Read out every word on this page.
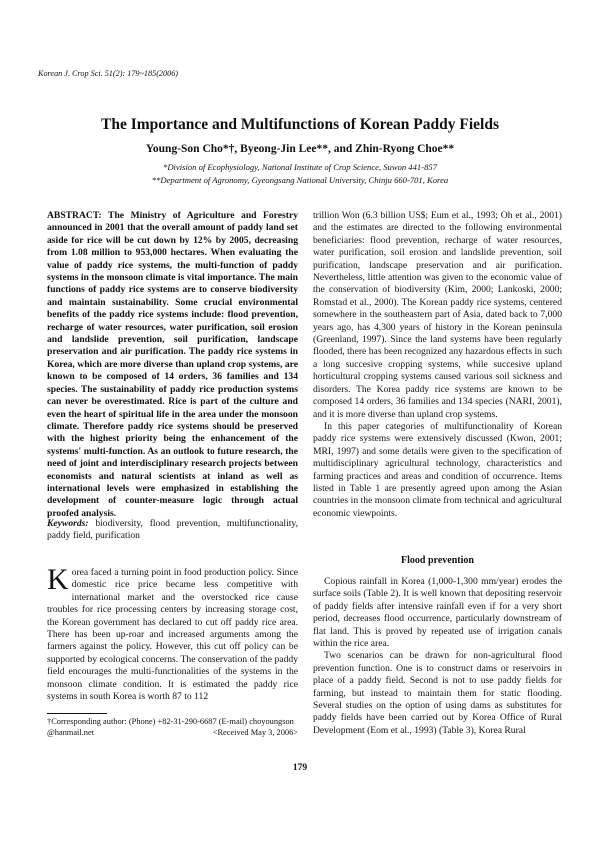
Korean J. Crop Sci. 51(2): 179~185(2006)
The Importance and Multifunctions of Korean Paddy Fields
Young-Son Cho*†, Byeong-Jin Lee**, and Zhin-Ryong Choe**
*Division of Ecophysiology, National Institute of Crop Science, Suwon 441-857
**Department of Agronomy, Gyeongsang National University, Chinju 660-701, Korea

ABSTRACT: The Ministry of Agriculture and Forestry announced in 2001 that the overall amount of paddy land set aside for rice will be cut down by 12% by 2005, decreasing from 1.08 million to 953,000 hectares. When evaluating the value of paddy rice systems, the multi-function of paddy systems in the monsoon climate is vital importance. The main functions of paddy rice systems are to conserve biodiversity and maintain sustainability. Some crucial environmental benefits of the paddy rice systems include: flood prevention, recharge of water resources, water purification, soil erosion and landslide prevention, soil purification, landscape preservation and air purification. The paddy rice systems in Korea, which are more diverse than upland crop systems, are known to be composed of 14 orders, 36 families and 134 species. The sustainability of paddy rice production systems can never be overestimated. Rice is part of the culture and even the heart of spiritual life in the area under the monsoon climate. Therefore paddy rice systems should be preserved with the highest priority being the enhancement of the systems' multi-function. As an outlook to future research, the need of joint and interdisciplinary research projects between economists and natural scientists at inland as well as international levels were emphasized in establishing the development of counter-measure logic through actual proofed analysis.

Keywords: biodiversity, flood prevention, multifunctionality, paddy field, purification

Korea faced a turning point in food production policy. Since domestic rice price became less competitive with international market and the overstocked rice cause troubles for rice processing centers by increasing storage cost, the Korean government has declared to cut off paddy rice area. There has been up-roar and increased arguments among the farmers against the policy. However, this cut off policy can be supported by ecological concerns. The conservation of the paddy field encourages the multi-functionalities of the systems in the monsoon climate condition. It is estimated the paddy rice systems in south Korea is worth 87 to 112

†Corresponding author: (Phone) +82-31-290-6687 (E-mail) choyoungson
@hanmail.net	<Received May 3, 2006>

trillion Won (6.3 billion US$; Eum et al., 1993; Oh et al., 2001) and the estimates are directed to the following environmental beneficiaries: flood prevention, recharge of water resources, water purification, soil erosion and landslide prevention, soil purification, landscape preservation and air purification. Nevertheless, little attention was given to the economic value of the conservation of biodiversity (Kim, 2000; Lankoski, 2000; Romstad et al., 2000). The Korean paddy rice systems, centered somewhere in the southeastern part of Asia, dated back to 7,000 years ago, has 4,300 years of history in the Korean peninsula (Greenland, 1997). Since the land systems have been regularly flooded, there has been recognized any hazardous effects in such a long succesive cropping systems, while succesive upland horticultural cropping systems caused various soil sickness and disorders. The Korea paddy rice systems are known to be composed 14 orders, 36 families and 134 species (NARI, 2001), and it is more diverse than upland crop systems.

In this paper categories of multifunctionality of Korean paddy rice systems were extensively discussed (Kwon, 2001; MRI, 1997) and some details were given to the specification of multidisciplinary agricultural technology, characteristics and farming practices and areas and condition of occurrence. Items listed in Table 1 are presently agreed upon among the Asian countries in the monsoon climate from technical and agricultural economic viewpoints.

Flood prevention

Copious rainfall in Korea (1,000-1,300 mm/year) erodes the surface soils (Table 2). It is well known that depositing reservoir of paddy fields after intensive rainfall even if for a very short period, decreases flood occurrence, particularly downstream of flat land. This is proved by repeated use of irrigation canals within the rice area.

Two scenarios can be drawn for non-agricultural flood prevention function. One is to construct dams or reservoirs in place of a paddy field. Second is not to use paddy fields for farming, but instead to maintain them for static flooding. Several studies on the option of using dams as substitutes for paddy fields have been carried out by Korea Office of Rural Development (Eom et al., 1993) (Table 3), Korea Rural

179
